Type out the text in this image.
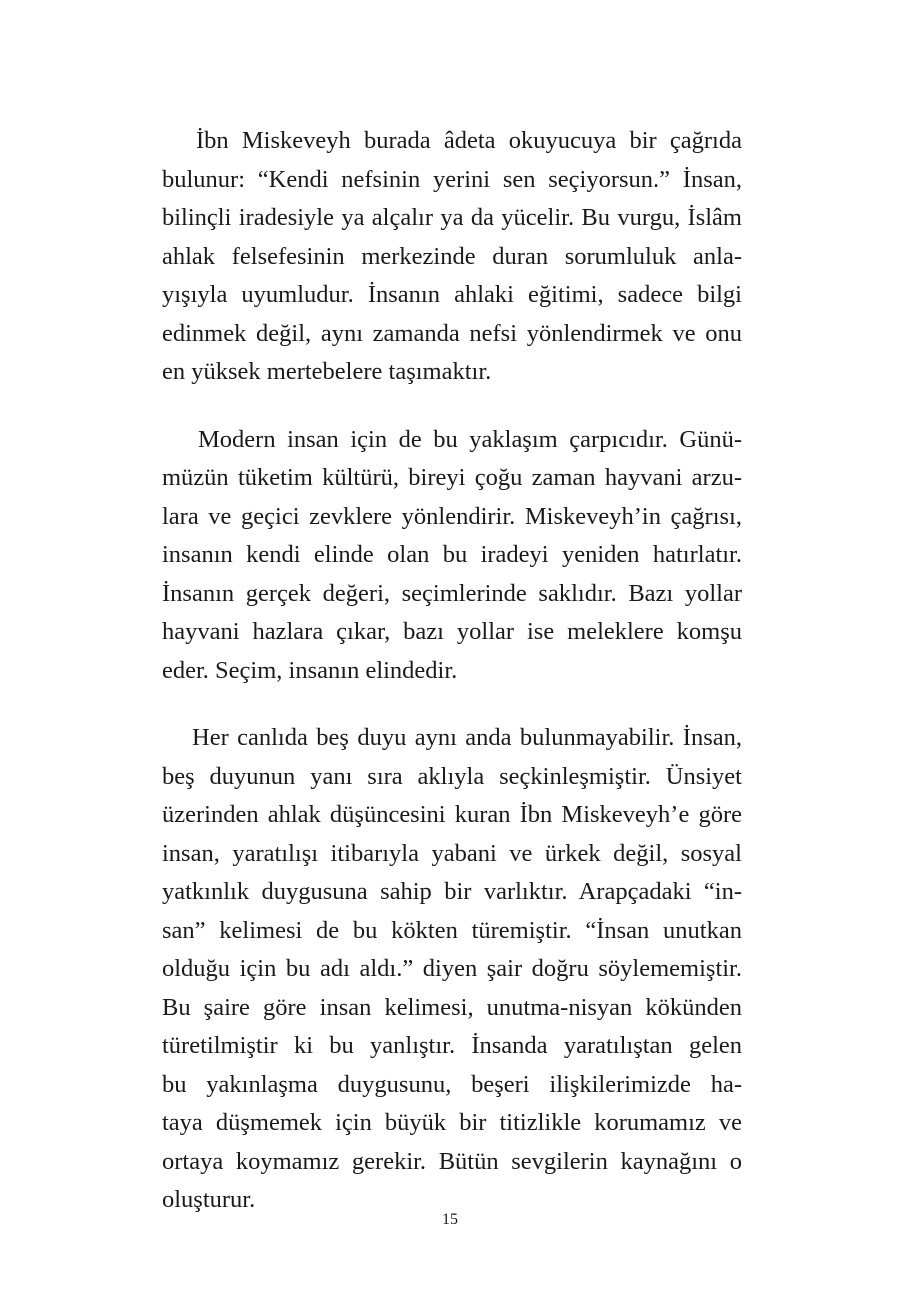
İbn Miskeveyh burada âdeta okuyucuya bir çağrıda
bulunur: “Kendi nefsinin yerini sen seçiyorsun.” İnsan,
bilinçli iradesiyle ya alçalır ya da yücelir. Bu vurgu, İslâm
ahlak felsefesinin merkezinde duran sorumluluk anla-
yışıyla uyumludur. İnsanın ahlaki eğitimi, sadece bilgi
edinmek değil, aynı zamanda nefsi yönlendirmek ve onu
en yüksek mertebelere taşımaktır.
Modern insan için de bu yaklaşım çarpıcıdır. Günü-
müzün tüketim kültürü, bireyi çoğu zaman hayvani arzu-
lara ve geçici zevklere yönlendirir. Miskeveyh’in çağrısı,
insanın kendi elinde olan bu iradeyi yeniden hatırlatır.
İnsanın gerçek değeri, seçimlerinde saklıdır. Bazı yollar
hayvani hazlara çıkar, bazı yollar ise meleklere komşu
eder. Seçim, insanın elindedir.
Her canlıda beş duyu aynı anda bulunmayabilir. İnsan,
beş duyunun yanı sıra aklıyla seçkinleşmiştir. Ünsiyet
üzerinden ahlak düşüncesini kuran İbn Miskeveyh’e göre
insan, yaratılışı itibarıyla yabani ve ürkek değil, sosyal
yatkınlık duygusuna sahip bir varlıktır. Arapçadaki “in-
san” kelimesi de bu kökten türemiştir. “İnsan unutkan
olduğu için bu adı aldı.” diyen şair doğru söylememiştir.
Bu şaire göre insan kelimesi, unutma-nisyan kökünden
türetilmiştir ki bu yanlıştır. İnsanda yaratılıştan gelen
bu yakınlaşma duygusunu, beşeri ilişkilerimizde ha-
taya düşmemek için büyük bir titizlikle korumamız ve
ortaya koymamız gerekir. Bütün sevgilerin kaynağını o
oluşturur.
15
